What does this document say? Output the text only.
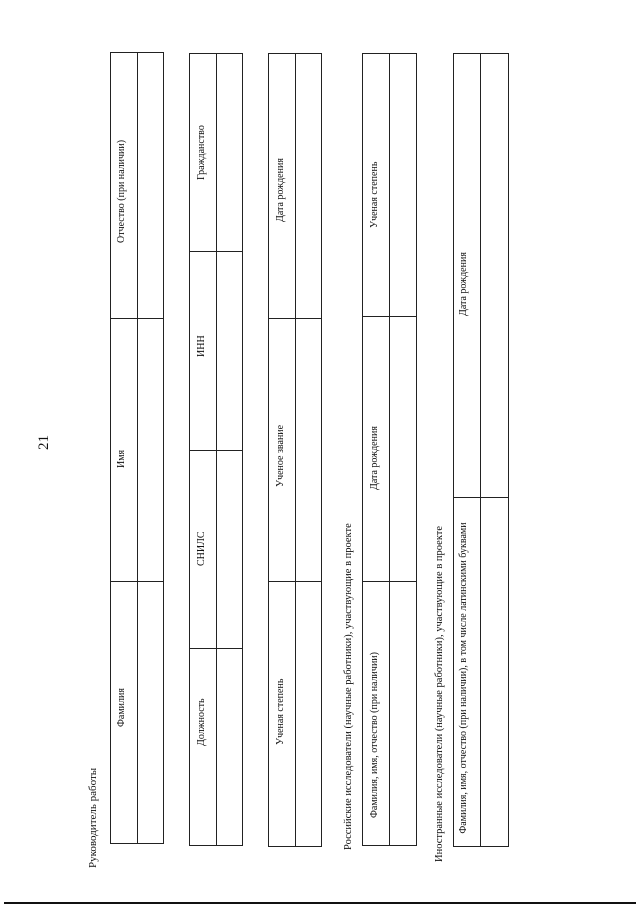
21
Руководитель работы
Фамилия
Имя
Отчество (при наличии)
Должность
СНИЛС
ИНН
Гражданство
Ученая степень
Ученое звание
Дата рождения
Российские исследователи (научные работники), участвующие в проекте Фамилия, имя, отчество (при наличии)
Дата рождения
Ученая степень
Иностранные исследователи (научные работники), участвующие в проекте Фамилия, имя, отчество (при наличии), в том числе латинскими буквами
Дата рождения
